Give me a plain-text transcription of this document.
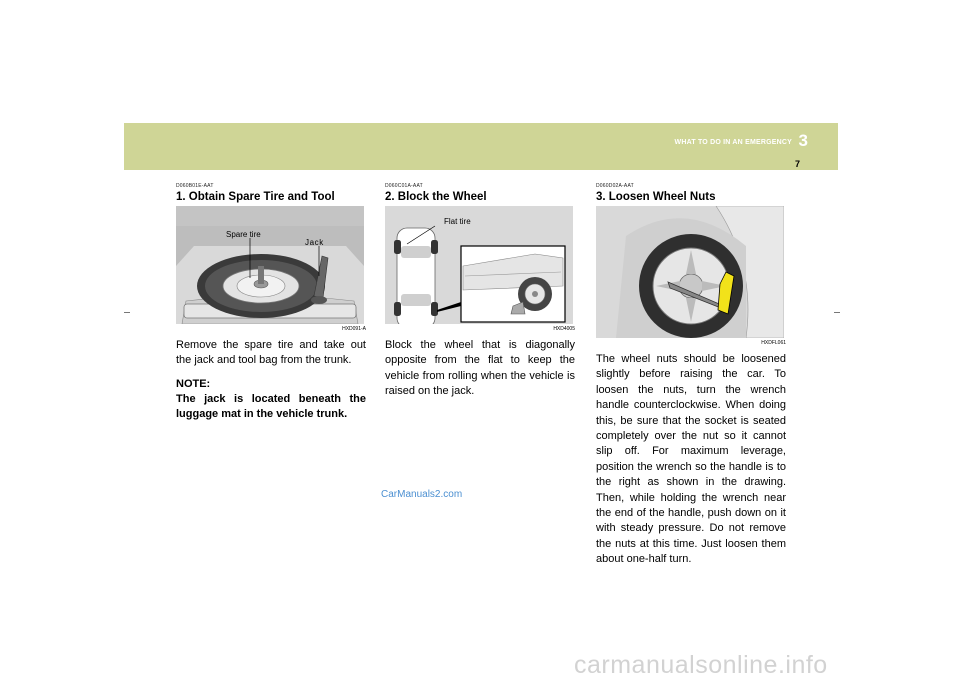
WHAT TO DO IN AN EMERGENCY 3
7
D060B01E-AAT
1. Obtain Spare Tire and Tool
Spare tire
Jack
HXD091-A
Remove the spare tire and take out the jack and tool bag from the trunk.
NOTE:
The jack is located beneath the luggage mat in the vehicle trunk.
D060C01A-AAT
2. Block the Wheel
Flat tire
HXD4005
Block the wheel that is diagonally opposite from the flat to keep the vehicle from rolling when the vehicle is raised on the jack.
D060D02A-AAT
3. Loosen Wheel Nuts
HXDFL061
The wheel nuts should be loosened slightly before raising the car. To loosen the nuts, turn the wrench handle counterclockwise. When doing this, be sure that the socket is seated completely over the nut so it cannot slip off. For maximum leverage, position the wrench so the handle is to the right as shown in the drawing. Then, while holding the wrench near the end of the handle, push down on it with steady pressure. Do not remove the nuts at this time. Just loosen them about one-half turn.
CarManuals2.com
carmanualsonline.info
